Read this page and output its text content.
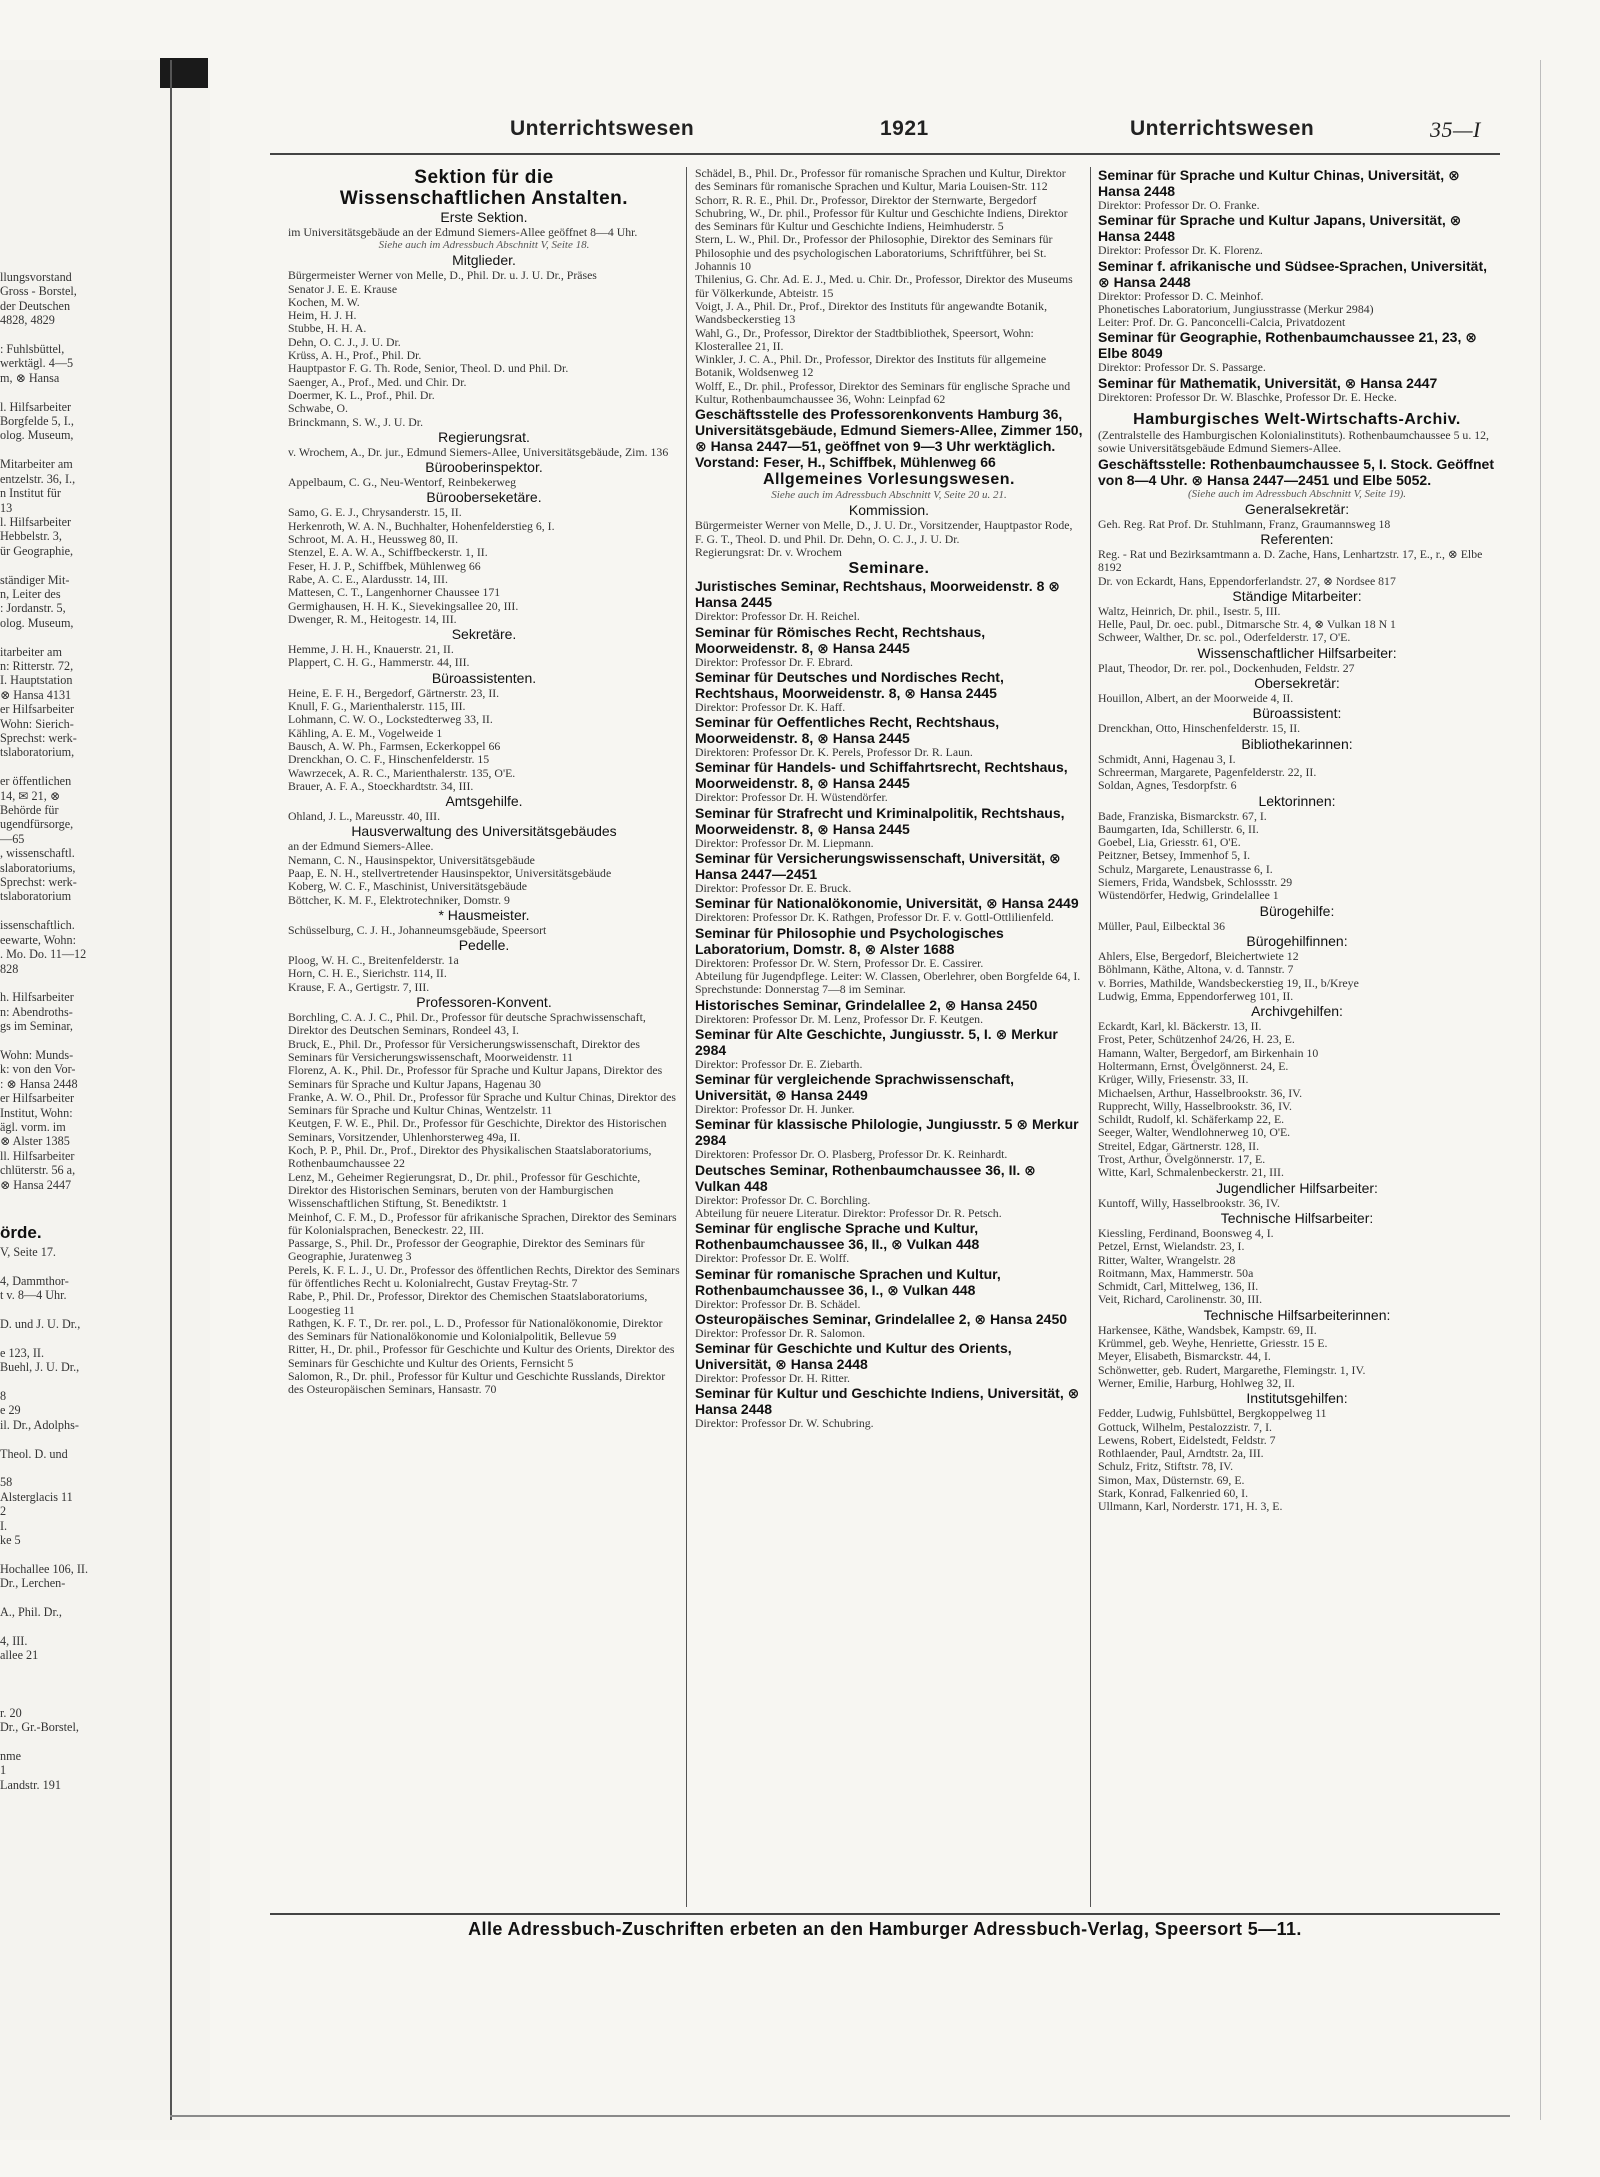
llungsvorstand
Gross - Borstel,
der Deutschen
4828, 4829

: Fuhlsbüttel,
werktägl. 4—5
m, ⊗ Hansa

l. Hilfsarbeiter
Borgfelde 5, I.,
olog. Museum,

Mitarbeiter am
entzelstr. 36, I.,
n Institut für
13
l. Hilfsarbeiter
Hebbelstr. 3,
ür Geographie,

ständiger Mit-
n, Leiter des
: Jordanstr. 5,
olog. Museum,

itarbeiter am
n: Ritterstr. 72,
I. Hauptstation
⊗ Hansa 4131
er Hilfsarbeiter
Wohn: Sierich-
Sprechst: werk-
tslaboratorium,

er öffentlichen
14, ✉ 21, ⊗
Behörde für
ugendfürsorge,
—65
, wissenschaftl.
slaboratoriums,
Sprechst: werk-
tslaboratorium

issenschaftlich.
eewarte, Wohn:
. Mo. Do. 11—12
828

h. Hilfsarbeiter
n: Abendroths-
gs im Seminar,

Wohn: Munds-
k: von den Vor-
: ⊗ Hansa 2448
er Hilfsarbeiter
Institut, Wohn:
ägl. vorm. im
⊗ Alster 1385
ll. Hilfsarbeiter
chlüterstr. 56 a,
⊗ Hansa 2447

örde.
V, Seite 17.

4, Dammthor-
t v. 8—4 Uhr.

D. und J. U. Dr.,

e 123, II.
Buehl, J. U. Dr.,

8
e 29
il. Dr., Adolphs-

Theol. D. und

58
Alsterglacis 11
2
I.
ke 5

Hochallee 106, II.
Dr., Lerchen-

A., Phil. Dr.,

4, III.
allee 21

r. 20
Dr., Gr.-Borstel,

nme
1
Landstr. 191
Unterrichtswesen	1921	Unterrichtswesen	35—I

Sektion für die

Wissenschaftlichen Anstalten.

Erste Sektion.

im Universitätsgebäude an der Edmund Siemers-Allee geöffnet 8—4 Uhr.

Siehe auch im Adressbuch Abschnitt V, Seite 18.

Mitglieder.

Bürgermeister Werner von Melle, D., Phil. Dr. u. J. U. Dr., Präses

Senator J. E. E. Krause

Kochen, M. W.

Heim, H. J. H.

Stubbe, H. H. A.

Dehn, O. C. J., J. U. Dr.

Krüss, A. H., Prof., Phil. Dr.

Hauptpastor F. G. Th. Rode, Senior, Theol. D. und Phil. Dr.

Saenger, A., Prof., Med. und Chir. Dr.

Doermer, K. L., Prof., Phil. Dr.

Schwabe, O.

Brinckmann, S. W., J. U. Dr.

Regierungsrat.

v. Wrochem, A., Dr. jur., Edmund Siemers-Allee, Universitätsgebäude, Zim. 136

Bürooberinspektor.

Appelbaum, C. G., Neu-Wentorf, Reinbekerweg

Bürooberseketäre.

Samo, G. E. J., Chrysanderstr. 15, II.

Herkenroth, W. A. N., Buchhalter, Hohenfelderstieg 6, I.

Schroot, M. A. H., Heussweg 80, II.

Stenzel, E. A. W. A., Schiffbeckerstr. 1, II.

Feser, H. J. P., Schiffbek, Mühlenweg 66

Rabe, A. C. E., Alardusstr. 14, III.

Mattesen, C. T., Langenhorner Chaussee 171

Germighausen, H. H. K., Sievekingsallee 20, III.

Dwenger, R. M., Heitogestr. 14, III.

Sekretäre.

Hemme, J. H. H., Knauerstr. 21, II.

Plappert, C. H. G., Hammerstr. 44, III.

Büroassistenten.

Heine, E. F. H., Bergedorf, Gärtnerstr. 23, II.

Knull, F. G., Marienthalerstr. 115, III.

Lohmann, C. W. O., Lockstedterweg 33, II.

Kähling, A. E. M., Vogelweide 1

Bausch, A. W. Ph., Farmsen, Eckerkoppel 66

Drenckhan, O. C. F., Hinschenfelderstr. 15

Wawrzecek, A. R. C., Marienthalerstr. 135, O'E.

Brauer, A. F. A., Stoeckhardtstr. 34, III.

Amtsgehilfe.

Ohland, J. L., Mareusstr. 40, III.

Hausverwaltung des Universitätsgebäudes

an der Edmund Siemers-Allee.

Nemann, C. N., Hausinspektor, Universitätsgebäude

Paap, E. N. H., stellvertretender Hausinspektor, Universitätsgebäude

Koberg, W. C. F., Maschinist, Universitätsgebäude

Böttcher, K. M. F., Elektrotechniker, Domstr. 9

* Hausmeister.

Schüsselburg, C. J. H., Johanneumsgebäude, Speersort

Pedelle.

Ploog, W. H. C., Breitenfelderstr. 1a

Horn, C. H. E., Sierichstr. 114, II.

Krause, F. A., Gertigstr. 7, III.

Professoren-Konvent.

Borchling, C. A. J. C., Phil. Dr., Professor für deutsche Sprachwissenschaft, Direktor des Deutschen Seminars, Rondeel 43, I.

Bruck, E., Phil. Dr., Professor für Versicherungswissenschaft, Direktor des Seminars für Versicherungswissenschaft, Moorweidenstr. 11

Florenz, A. K., Phil. Dr., Professor für Sprache und Kultur Japans, Direktor des Seminars für Sprache und Kultur Japans, Hagenau 30

Franke, A. W. O., Phil. Dr., Professor für Sprache und Kultur Chinas, Direktor des Seminars für Sprache und Kultur Chinas, Wentzelstr. 11

Keutgen, F. W. E., Phil. Dr., Professor für Geschichte, Direktor des Historischen Seminars, Vorsitzender, Uhlenhorsterweg 49a, II.

Koch, P. P., Phil. Dr., Prof., Direktor des Physikalischen Staatslaboratoriums, Rothenbaumchaussee 22

Lenz, M., Geheimer Regierungsrat, D., Dr. phil., Professor für Geschichte, Direktor des Historischen Seminars, beruten von der Hamburgischen Wissenschaftlichen Stiftung, St. Benediktstr. 1

Meinhof, C. F. M., D., Professor für afrikanische Sprachen, Direktor des Seminars für Kolonialsprachen, Beneckestr. 22, III.

Passarge, S., Phil. Dr., Professor der Geographie, Direktor des Seminars für Geographie, Juratenweg 3

Perels, K. F. L. J., U. Dr., Professor des öffentlichen Rechts, Direktor des Seminars für öffentliches Recht u. Kolonialrecht, Gustav Freytag-Str. 7

Rabe, P., Phil. Dr., Professor, Direktor des Chemischen Staatslaboratoriums, Loogestieg 11

Rathgen, K. F. T., Dr. rer. pol., L. D., Professor für Nationalökonomie, Direktor des Seminars für Nationalökonomie und Kolonialpolitik, Bellevue 59

Ritter, H., Dr. phil., Professor für Geschichte und Kultur des Orients, Direktor des Seminars für Geschichte und Kultur des Orients, Fernsicht 5

Salomon, R., Dr. phil., Professor für Kultur und Geschichte Russlands, Direktor des Osteuropäischen Seminars, Hansastr. 70

Schädel, B., Phil. Dr., Professor für romanische Sprachen und Kultur, Direktor des Seminars für romanische Sprachen und Kultur, Maria Louisen-Str. 112

Schorr, R. R. E., Phil. Dr., Professor, Direktor der Sternwarte, Bergedorf

Schubring, W., Dr. phil., Professor für Kultur und Geschichte Indiens, Direktor des Seminars für Kultur und Geschichte Indiens, Heimhuderstr. 5

Stern, L. W., Phil. Dr., Professor der Philosophie, Direktor des Seminars für Philosophie und des psychologischen Laboratoriums, Schriftführer, bei St. Johannis 10

Thilenius, G. Chr. Ad. E. J., Med. u. Chir. Dr., Professor, Direktor des Museums für Völkerkunde, Abteistr. 15

Voigt, J. A., Phil. Dr., Prof., Direktor des Instituts für angewandte Botanik, Wandsbeckerstieg 13

Wahl, G., Dr., Professor, Direktor der Stadtbibliothek, Speersort, Wohn: Klosterallee 21, II.

Winkler, J. C. A., Phil. Dr., Professor, Direktor des Instituts für allgemeine Botanik, Woldsenweg 12

Wolff, E., Dr. phil., Professor, Direktor des Seminars für englische Sprache und Kultur, Rothenbaumchaussee 36, Wohn: Leinpfad 62

Geschäftsstelle des Professorenkonvents Hamburg 36, Universitätsgebäude, Edmund Siemers-Allee, Zimmer 150, ⊗ Hansa 2447—51, geöffnet von 9—3 Uhr werktäglich. Vorstand: Feser, H., Schiffbek, Mühlenweg 66

Allgemeines Vorlesungswesen.

Siehe auch im Adressbuch Abschnitt V, Seite 20 u. 21.

Kommission.

Bürgermeister Werner von Melle, D., J. U. Dr., Vorsitzender, Hauptpastor Rode, F. G. T., Theol. D. und Phil. Dr. Dehn, O. C. J., J. U. Dr.

Regierungsrat: Dr. v. Wrochem

Seminare.

Juristisches Seminar, Rechtshaus, Moorweidenstr. 8 ⊗ Hansa 2445

Direktor: Professor Dr. H. Reichel.

Seminar für Römisches Recht, Rechtshaus, Moorweidenstr. 8, ⊗ Hansa 2445

Direktor: Professor Dr. F. Ebrard.

Seminar für Deutsches und Nordisches Recht, Rechtshaus, Moorweidenstr. 8, ⊗ Hansa 2445

Direktor: Professor Dr. K. Haff.

Seminar für Oeffentliches Recht, Rechtshaus, Moorweidenstr. 8, ⊗ Hansa 2445

Direktoren: Professor Dr. K. Perels, Professor Dr. R. Laun.

Seminar für Handels- und Schiffahrtsrecht, Rechtshaus, Moorweidenstr. 8, ⊗ Hansa 2445

Direktor: Professor Dr. H. Wüstendörfer.

Seminar für Strafrecht und Kriminalpolitik, Rechtshaus, Moorweidenstr. 8, ⊗ Hansa 2445

Direktor: Professor Dr. M. Liepmann.

Seminar für Versicherungswissenschaft, Universität, ⊗ Hansa 2447—2451

Direktor: Professor Dr. E. Bruck.

Seminar für Nationalökonomie, Universität, ⊗ Hansa 2449

Direktoren: Professor Dr. K. Rathgen, Professor Dr. F. v. Gottl-Ottlilienfeld.

Seminar für Philosophie und Psychologisches Laboratorium, Domstr. 8, ⊗ Alster 1688

Direktoren: Professor Dr. W. Stern, Professor Dr. E. Cassirer.

Abteilung für Jugendpflege. Leiter: W. Classen, Oberlehrer, oben Borgfelde 64, I. Sprechstunde: Donnerstag 7—8 im Seminar.

Historisches Seminar, Grindelallee 2, ⊗ Hansa 2450

Direktoren: Professor Dr. M. Lenz, Professor Dr. F. Keutgen.

Seminar für Alte Geschichte, Jungiusstr. 5, I. ⊗ Merkur 2984

Direktor: Professor Dr. E. Ziebarth.

Seminar für vergleichende Sprachwissenschaft, Universität, ⊗ Hansa 2449

Direktor: Professor Dr. H. Junker.

Seminar für klassische Philologie, Jungiusstr. 5 ⊗ Merkur 2984

Direktoren: Professor Dr. O. Plasberg, Professor Dr. K. Reinhardt.

Deutsches Seminar, Rothenbaumchaussee 36, II. ⊗ Vulkan 448

Direktor: Professor Dr. C. Borchling.

Abteilung für neuere Literatur. Direktor: Professor Dr. R. Petsch.

Seminar für englische Sprache und Kultur, Rothenbaumchaussee 36, II., ⊗ Vulkan 448

Direktor: Professor Dr. E. Wolff.

Seminar für romanische Sprachen und Kultur, Rothenbaumchaussee 36, I., ⊗ Vulkan 448

Direktor: Professor Dr. B. Schädel.

Osteuropäisches Seminar, Grindelallee 2, ⊗ Hansa 2450

Direktor: Professor Dr. R. Salomon.

Seminar für Geschichte und Kultur des Orients, Universität, ⊗ Hansa 2448

Direktor: Professor Dr. H. Ritter.

Seminar für Kultur und Geschichte Indiens, Universität, ⊗ Hansa 2448

Direktor: Professor Dr. W. Schubring.

Seminar für Sprache und Kultur Chinas, Universität, ⊗ Hansa 2448

Direktor: Professor Dr. O. Franke.

Seminar für Sprache und Kultur Japans, Universität, ⊗ Hansa 2448

Direktor: Professor Dr. K. Florenz.

Seminar f. afrikanische und Südsee-Sprachen, Universität, ⊗ Hansa 2448

Direktor: Professor D. C. Meinhof.

Phonetisches Laboratorium, Jungiusstrasse (Merkur 2984)

Leiter: Prof. Dr. G. Panconcelli-Calcia, Privatdozent

Seminar für Geographie, Rothenbaumchaussee 21, 23, ⊗ Elbe 8049

Direktor: Professor Dr. S. Passarge.

Seminar für Mathematik, Universität, ⊗ Hansa 2447

Direktoren: Professor Dr. W. Blaschke, Professor Dr. E. Hecke.

Hamburgisches Welt-Wirtschafts-Archiv.

(Zentralstelle des Hamburgischen Kolonialinstituts). Rothenbaumchaussee 5 u. 12, sowie Universitätsgebäude Edmund Siemers-Allee.

Geschäftsstelle: Rothenbaumchaussee 5, I. Stock. Geöffnet von 8—4 Uhr. ⊗ Hansa 2447—2451 und Elbe 5052.

(Siehe auch im Adressbuch Abschnitt V, Seite 19).

Generalsekretär:

Geh. Reg. Rat Prof. Dr. Stuhlmann, Franz, Graumannsweg 18

Referenten:

Reg. - Rat und Bezirksamtmann a. D. Zache, Hans, Lenhartzstr. 17, E., r., ⊗ Elbe 8192

Dr. von Eckardt, Hans, Eppendorferlandstr. 27, ⊗ Nordsee 817

Ständige Mitarbeiter:

Waltz, Heinrich, Dr. phil., Isestr. 5, III.

Helle, Paul, Dr. oec. publ., Ditmarsche Str. 4, ⊗ Vulkan 18 N 1

Schweer, Walther, Dr. sc. pol., Oderfelderstr. 17, O'E.

Wissenschaftlicher Hilfsarbeiter:

Plaut, Theodor, Dr. rer. pol., Dockenhuden, Feldstr. 27

Obersekretär:

Houillon, Albert, an der Moorweide 4, II.

Büroassistent:

Drenckhan, Otto, Hinschenfelderstr. 15, II.

Bibliothekarinnen:

Schmidt, Anni, Hagenau 3, I.

Schreerman, Margarete, Pagenfelderstr. 22, II.

Soldan, Agnes, Tesdorpfstr. 6

Lektorinnen:

Bade, Franziska, Bismarckstr. 67, I.

Baumgarten, Ida, Schillerstr. 6, II.

Goebel, Lia, Griesstr. 61, O'E.

Peitzner, Betsey, Immenhof 5, I.

Schulz, Margarete, Lenaustrasse 6, I.

Siemers, Frida, Wandsbek, Schlossstr. 29

Wüstendörfer, Hedwig, Grindelallee 1

Bürogehilfe:

Müller, Paul, Eilbecktal 36

Bürogehilfinnen:

Ahlers, Else, Bergedorf, Bleichertwiete 12

Böhlmann, Käthe, Altona, v. d. Tannstr. 7

v. Borries, Mathilde, Wandsbeckerstieg 19, II., b/Kreye

Ludwig, Emma, Eppendorferweg 101, II.

Archivgehilfen:

Eckardt, Karl, kl. Bäckerstr. 13, II.

Frost, Peter, Schützenhof 24/26, H. 23, E.

Hamann, Walter, Bergedorf, am Birkenhain 10

Holtermann, Ernst, Övelgönnerst. 24, E.

Krüger, Willy, Friesenstr. 33, II.

Michaelsen, Arthur, Hasselbrookstr. 36, IV.

Rupprecht, Willy, Hasselbrookstr. 36, IV.

Schildt, Rudolf, kl. Schäferkamp 22, E.

Seeger, Walter, Wendlohnerweg 10, O'E.

Streitel, Edgar, Gärtnerstr. 128, II.

Trost, Arthur, Övelgönnerstr. 17, E.

Witte, Karl, Schmalenbeckerstr. 21, III.

Jugendlicher Hilfsarbeiter:

Kuntoff, Willy, Hasselbrookstr. 36, IV.

Technische Hilfsarbeiter:

Kiessling, Ferdinand, Boonsweg 4, I.

Petzel, Ernst, Wielandstr. 23, I.

Ritter, Walter, Wrangelstr. 28

Roitmann, Max, Hammerstr. 50a

Schmidt, Carl, Mittelweg, 136, II.

Veit, Richard, Carolinenstr. 30, III.

Technische Hilfsarbeiterinnen:

Harkensee, Käthe, Wandsbek, Kampstr. 69, II.

Krümmel, geb. Weyhe, Henriette, Griesstr. 15 E.

Meyer, Elisabeth, Bismarckstr. 44, I.

Schönwetter, geb. Rudert, Margarethe, Flemingstr. 1, IV.

Werner, Emilie, Harburg, Hohlweg 32, II.

Institutsgehilfen:

Fedder, Ludwig, Fuhlsbüttel, Bergkoppelweg 11

Gottuck, Wilhelm, Pestalozzistr. 7, I.

Lewens, Robert, Eidelstedt, Feldstr. 7

Rothlaender, Paul, Arndtstr. 2a, III.

Schulz, Fritz, Stiftstr. 78, IV.

Simon, Max, Düsternstr. 69, E.

Stark, Konrad, Falkenried 60, I.

Ullmann, Karl, Norderstr. 171, H. 3, E.

Alle Adressbuch-Zuschriften erbeten an den Hamburger Adressbuch-Verlag, Speersort 5—11.
